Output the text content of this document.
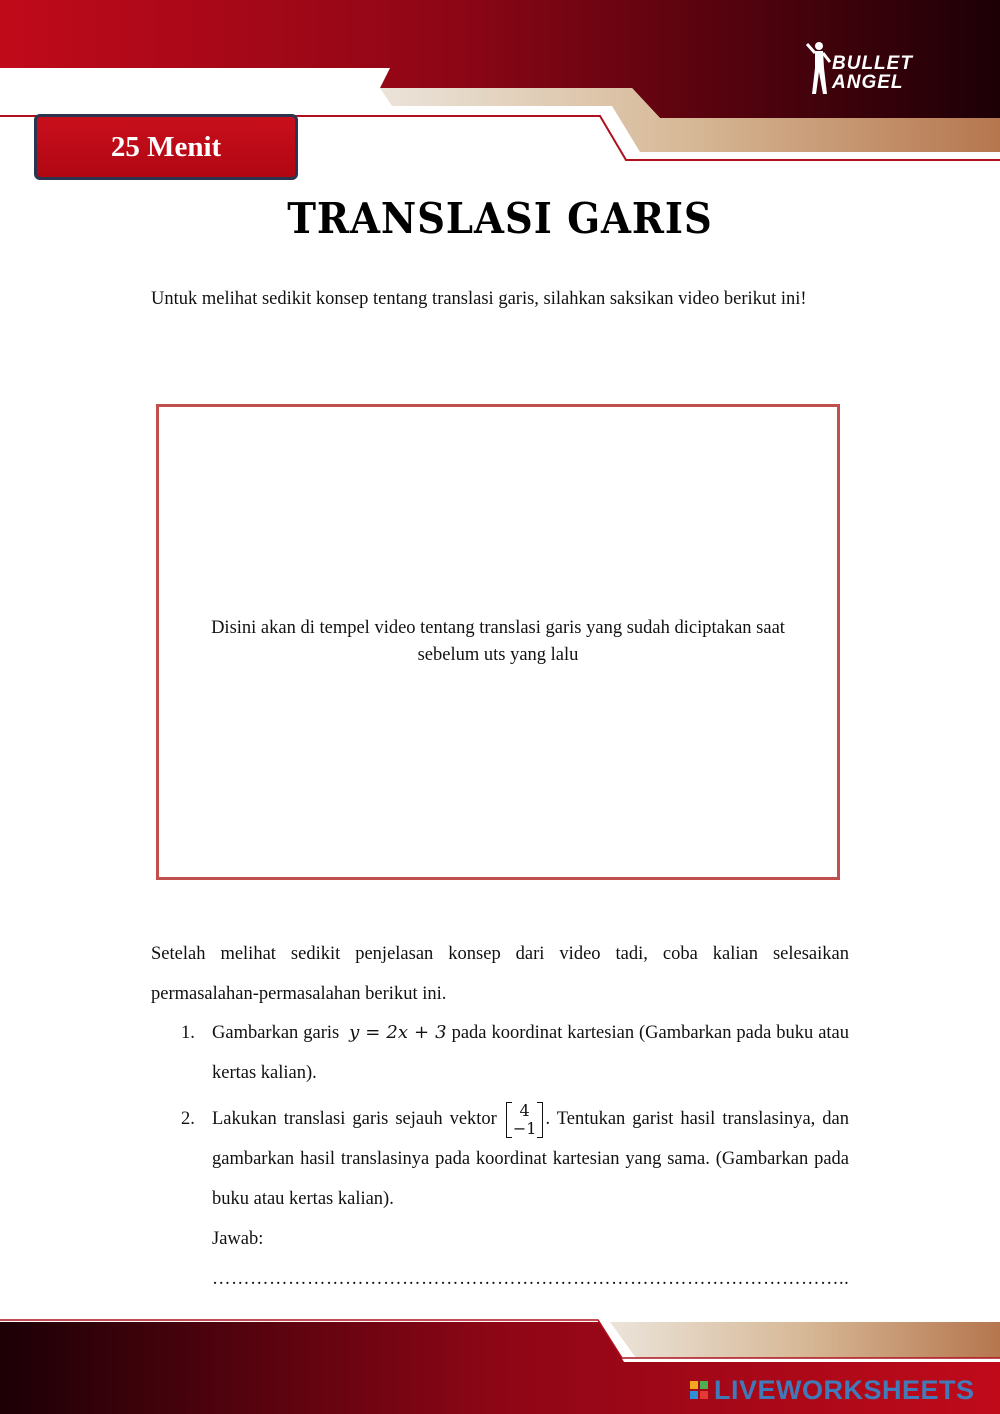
BULLET
ANGEL
25 Menit
TRANSLASI GARIS

Untuk melihat sedikit konsep tentang translasi garis, silahkan saksikan video berikut ini!

Disini akan di tempel video tentang translasi garis yang sudah diciptakan saat sebelum uts yang lalu

Setelah melihat sedikit penjelasan konsep dari video tadi, coba kalian selesaikan permasalahan-permasalahan berikut ini.

1. Gambarkan garis y = 2x + 3 pada koordinat kartesian (Gambarkan pada buku atau kertas kalian).
2. Lakukan translasi garis sejauh vektor 4
−1 . Tentukan garist hasil translasinya, dan gambarkan hasil translasinya pada koordinat kartesian yang sama. (Gambarkan pada buku atau kertas kalian).
Jawab:
………………………………………………………………………………………..
LIVEWORKSHEETS
